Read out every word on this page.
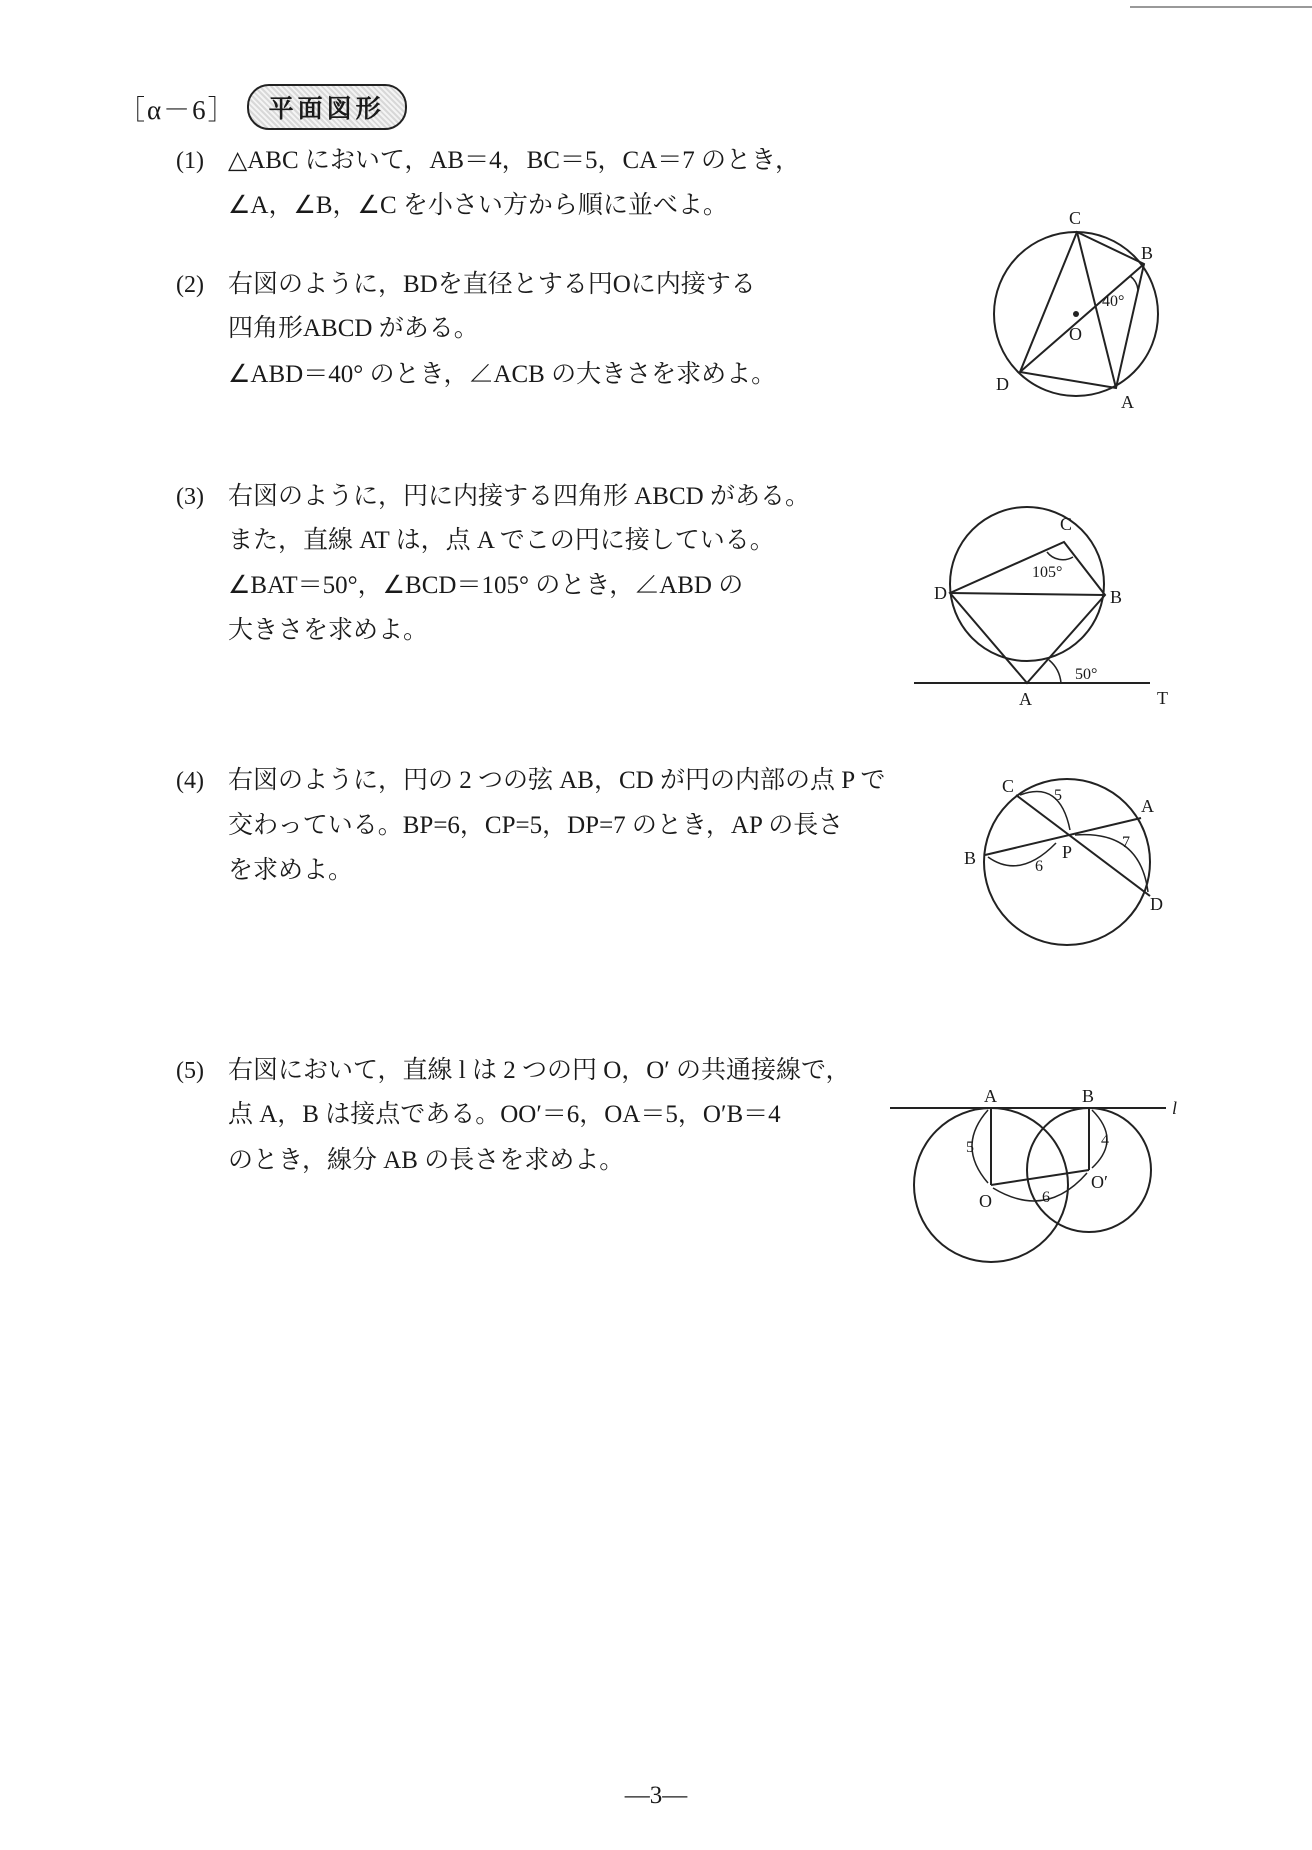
［α－6］	平面図形
(1) △ABC において，AB＝4，BC＝5，CA＝7 のとき，
∠A，∠B，∠C を小さい方から順に並べよ。
(2) 右図のように，BDを直径とする円Oに内接する
四角形ABCD がある。
∠ABD＝40° のとき，∠ACB の大きさを求めよ。
C
B
O
D
A
40°
(3) 右図のように，円に内接する四角形 ABCD がある。
また，直線 AT は，点 A でこの円に接している。
∠BAT＝50°，∠BCD＝105° のとき，∠ABD の
大きさを求めよ。
C
D	B
A	T
105°
50°
(4) 右図のように，円の 2 つの弦 AB，CD が円の内部の点 P で
交わっている。BP=6，CP=5，DP=7 のとき，AP の長さ
を求めよ。
C
A
B	P
D
5
6
7
(5) 右図において，直線 l は 2 つの円 O，O′ の共通接線で，
点 A，B は接点である。OO′＝6，OA＝5，O′B＝4
のとき，線分 AB の長さを求めよ。
A	B
l
O
O′
5	4
6
—3—
